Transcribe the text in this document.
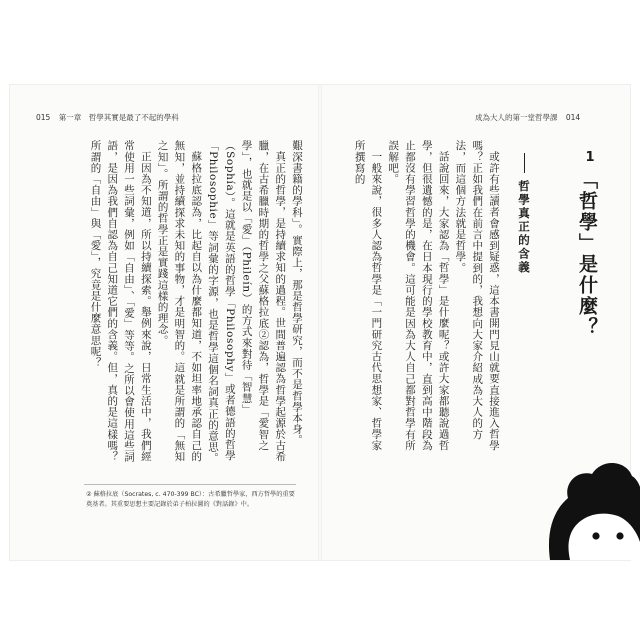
015 第一章　哲學其實是最了不起的學科

艱深書籍的學科」。實際上，那是哲學研究，而不是哲學本身。

真正的哲學，是持續求知的過程。世間普遍認為哲學起源於古希臘，在古希臘時期的哲學之父蘇格拉底②認為，哲學是「愛智之學」，也就是以「愛」（Phileín）的方式來對待「智慧」（Sophía）。這就是英語的哲學「Philosophy」或者德語的哲學「Philosophie」等詞彙的字源，也是哲學這個名詞真正的意思。

蘇格拉底認為，比起自以為什麼都知道，不如坦率地承認自己的無知，並持續探求未知的事物，才是明智的。這就是所謂的「無知之知」。所謂的哲學正是實踐這樣的理念。

正因為不知道，所以持續探索。舉例來說，日常生活中，我們經常使用一些詞彙，例如「自由」、「愛」等等。之所以會使用這些詞語，是因為我們自認為自己知道它們的含義。但，真的是這樣嗎？所謂的「自由」與「愛」，究竟是什麼意思呢？

② 蘇格拉底（Socrates, c. 470-399 BC）：古希臘哲學家，西方哲學的重要奠基者。其重要思想主要記錄於弟子柏拉圖的《對話錄》中。
成為大人的第一堂哲學課 014
1
「哲學」是什麼？
哲學真正的含義

或許有些讀者會感到疑惑，這本書開門見山就要直接進入哲學嗎？正如我們在前言中提到的，我想向大家介紹成為大人的方法，而這個方法就是哲學。

話說回來，大家認為「哲學」是什麼呢？或許大家都聽說過哲學，但很遺憾的是，在日本現行的學校教育中，直到高中階段為止都沒有學習哲學的機會。這可能是因為大人自己都對哲學有所誤解吧。

一般來說，很多人認為哲學是「一門研究古代思想家、哲學家所撰寫的
